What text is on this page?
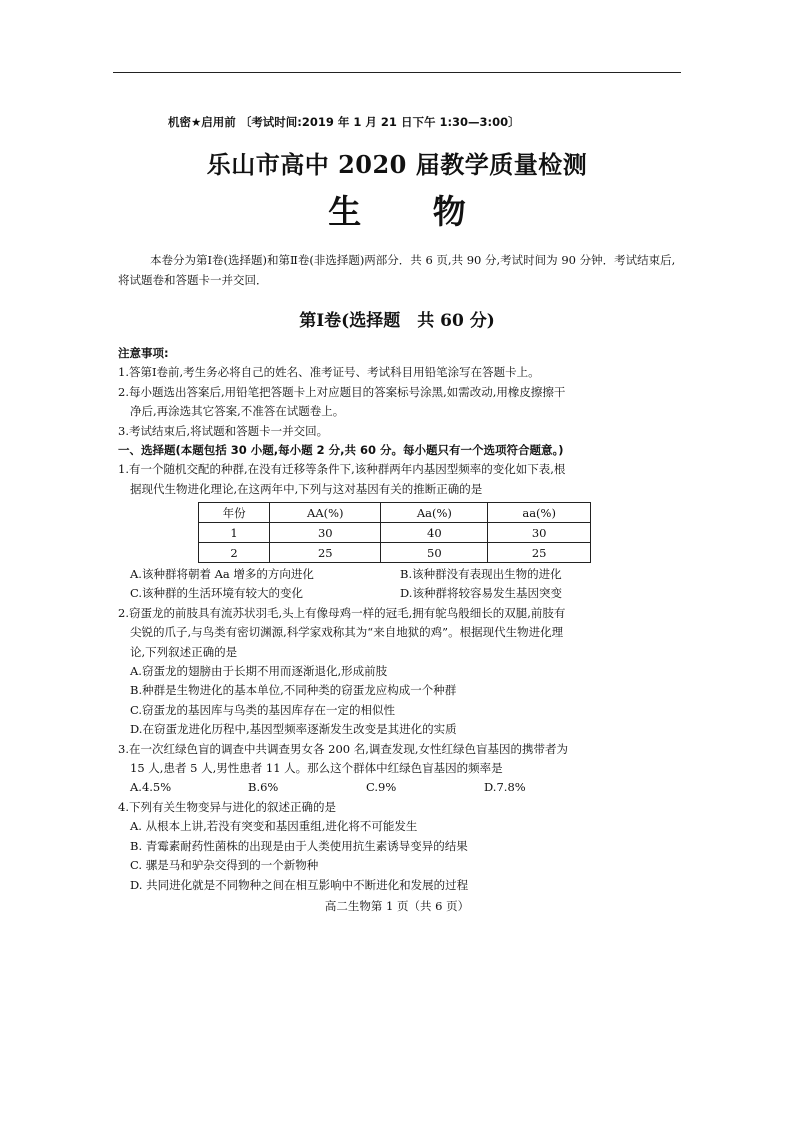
机密★启用前 〔考试时间:2019 年 1 月 21 日下午 1:30—3:00〕
乐山市高中 2020 届教学质量检测
生 物
本卷分为第Ⅰ卷(选择题)和第Ⅱ卷(非选择题)两部分．共 6 页,共 90 分,考试时间为 90 分钟．考试结束后,将试题卷和答题卡一并交回．
第Ⅰ卷(选择题　共 60 分)
注意事项:
1.答第Ⅰ卷前,考生务必将自己的姓名、准考证号、考试科目用铅笔涂写在答题卡上。
2.每小题选出答案后,用铅笔把答题卡上对应题目的答案标号涂黑,如需改动,用橡皮擦擦干
净后,再涂选其它答案,不准答在试题卷上。
3.考试结束后,将试题和答题卡一并交回。
一、选择题(本题包括 30 小题,每小题 2 分,共 60 分。每小题只有一个选项符合题意。)
1.有一个随机交配的种群,在没有迁移等条件下,该种群两年内基因型频率的变化如下表,根
据现代生物进化理论,在这两年中,下列与这对基因有关的推断正确的是
年份	AA(%)	Aa(%)	aa(%)
1	30	40	30
2	25	50	25
A.该种群将朝着 Aa 增多的方向进化	B.该种群没有表现出生物的进化
C.该种群的生活环境有较大的变化	D.该种群将较容易发生基因突变
2.窃蛋龙的前肢具有流苏状羽毛,头上有像母鸡一样的冠毛,拥有鸵鸟般细长的双腿,前肢有
尖锐的爪子,与鸟类有密切渊源,科学家戏称其为“来自地狱的鸡”。根据现代生物进化理
论,下列叙述正确的是
A.窃蛋龙的翅膀由于长期不用而逐渐退化,形成前肢
B.种群是生物进化的基本单位,不同种类的窃蛋龙应构成一个种群
C.窃蛋龙的基因库与鸟类的基因库存在一定的相似性
D.在窃蛋龙进化历程中,基因型频率逐渐发生改变是其进化的实质
3.在一次红绿色盲的调查中共调查男女各 200 名,调查发现,女性红绿色盲基因的携带者为
15 人,患者 5 人,男性患者 11 人。那么这个群体中红绿色盲基因的频率是
A.4.5%	B.6%	C.9%	D.7.8%
4.下列有关生物变异与进化的叙述正确的是
A. 从根本上讲,若没有突变和基因重组,进化将不可能发生
B. 青霉素耐药性菌株的出现是由于人类使用抗生素诱导变异的结果
C. 骡是马和驴杂交得到的一个新物种
D. 共同进化就是不同物种之间在相互影响中不断进化和发展的过程
高二生物第 1 页（共 6 页）
